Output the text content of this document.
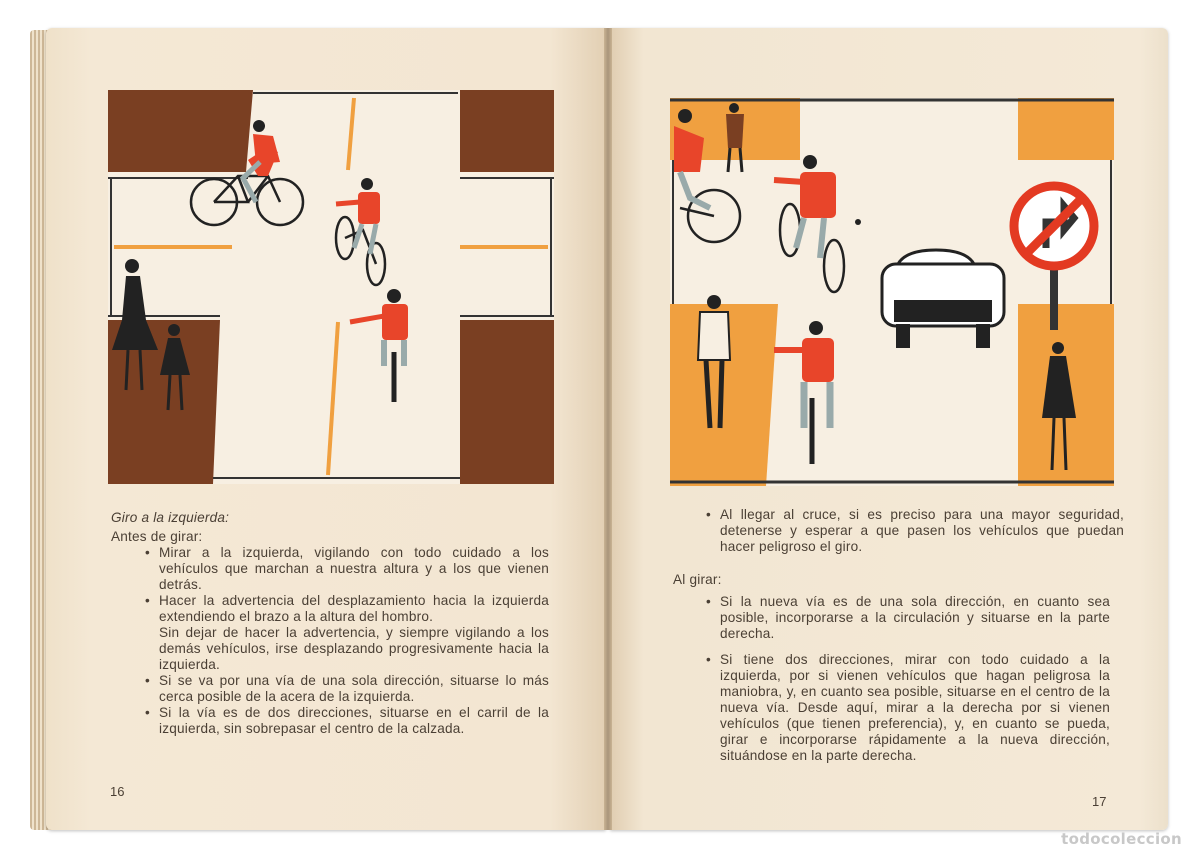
Giro a la izquierda:
Antes de girar:
• Mirar a la izquierda, vigilando con todo cuidado a los vehículos que marchan a nuestra altura y a los que vienen detrás.
• Hacer la advertencia del desplazamiento hacia la izquierda extendiendo el brazo a la altura del hombro.
Sin dejar de hacer la advertencia, y siempre vigilando a los demás vehículos, irse desplazando progresivamente hacia la izquierda.
• Si se va por una vía de una sola dirección, situarse lo más cerca posible de la acera de la izquierda.
• Si la vía es de dos direcciones, situarse en el carril de la izquierda, sin sobrepasar el centro de la calzada.
16
• Al llegar al cruce, si es preciso para una mayor seguridad, detenerse y esperar a que pasen los vehículos que puedan hacer peligroso el giro.
Al girar:
• Si la nueva vía es de una sola dirección, en cuanto sea posible, incorporarse a la circulación y situarse en la parte derecha.
• Si tiene dos direcciones, mirar con todo cuidado a la izquierda, por si vienen vehículos que hagan peligrosa la maniobra, y, en cuanto sea posible, situarse en el centro de la nueva vía. Desde aquí, mirar a la derecha por si vienen vehículos (que tienen preferencia), y, en cuanto se pueda, girar e incorporarse rápidamente a la nueva dirección, situándose en la parte derecha.
17
todocoleccion
